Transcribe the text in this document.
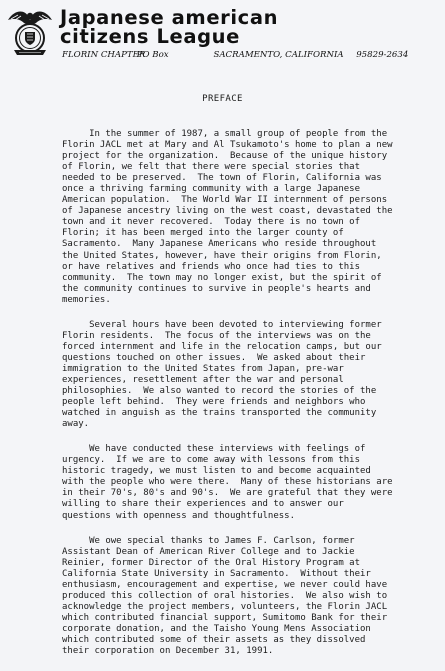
Japanese american
citizens League
FLORIN CHAPTER PO Box	SACRAMENTO, CALIFORNIA 95829-2634
PREFACE
In the summer of 1987, a small group of people from the
Florin JACL met at Mary and Al Tsukamoto's home to plan a new
project for the organization.  Because of the unique history
of Florin, we felt that there were special stories that
needed to be preserved.  The town of Florin, California was
once a thriving farming community with a large Japanese
American population.  The World War II internment of persons
of Japanese ancestry living on the west coast, devastated the
town and it never recovered.  Today there is no town of
Florin; it has been merged into the larger county of
Sacramento.  Many Japanese Americans who reside throughout
the United States, however, have their origins from Florin,
or have relatives and friends who once had ties to this
community.  The town may no longer exist, but the spirit of
the community continues to survive in people's hearts and
memories.
Several hours have been devoted to interviewing former
Florin residents.  The focus of the interviews was on the
forced internment and life in the relocation camps, but our
questions touched on other issues.  We asked about their
immigration to the United States from Japan, pre-war
experiences, resettlement after the war and personal
philosophies.  We also wanted to record the stories of the
people left behind.  They were friends and neighbors who
watched in anguish as the trains transported the community
away.
We have conducted these interviews with feelings of
urgency.  If we are to come away with lessons from this
historic tragedy, we must listen to and become acquainted
with the people who were there.  Many of these historians are
in their 70's, 80's and 90's.  We are grateful that they were
willing to share their experiences and to answer our
questions with openness and thoughtfulness.
We owe special thanks to James F. Carlson, former
Assistant Dean of American River College and to Jackie
Reinier, former Director of the Oral History Program at
California State University in Sacramento.  Without their
enthusiasm, encouragement and expertise, we never could have
produced this collection of oral histories.  We also wish to
acknowledge the project members, volunteers, the Florin JACL
which contributed financial support, Sumitomo Bank for their
corporate donation, and the Taisho Young Mens Association
which contributed some of their assets as they dissolved
their corporation on December 31, 1991.
